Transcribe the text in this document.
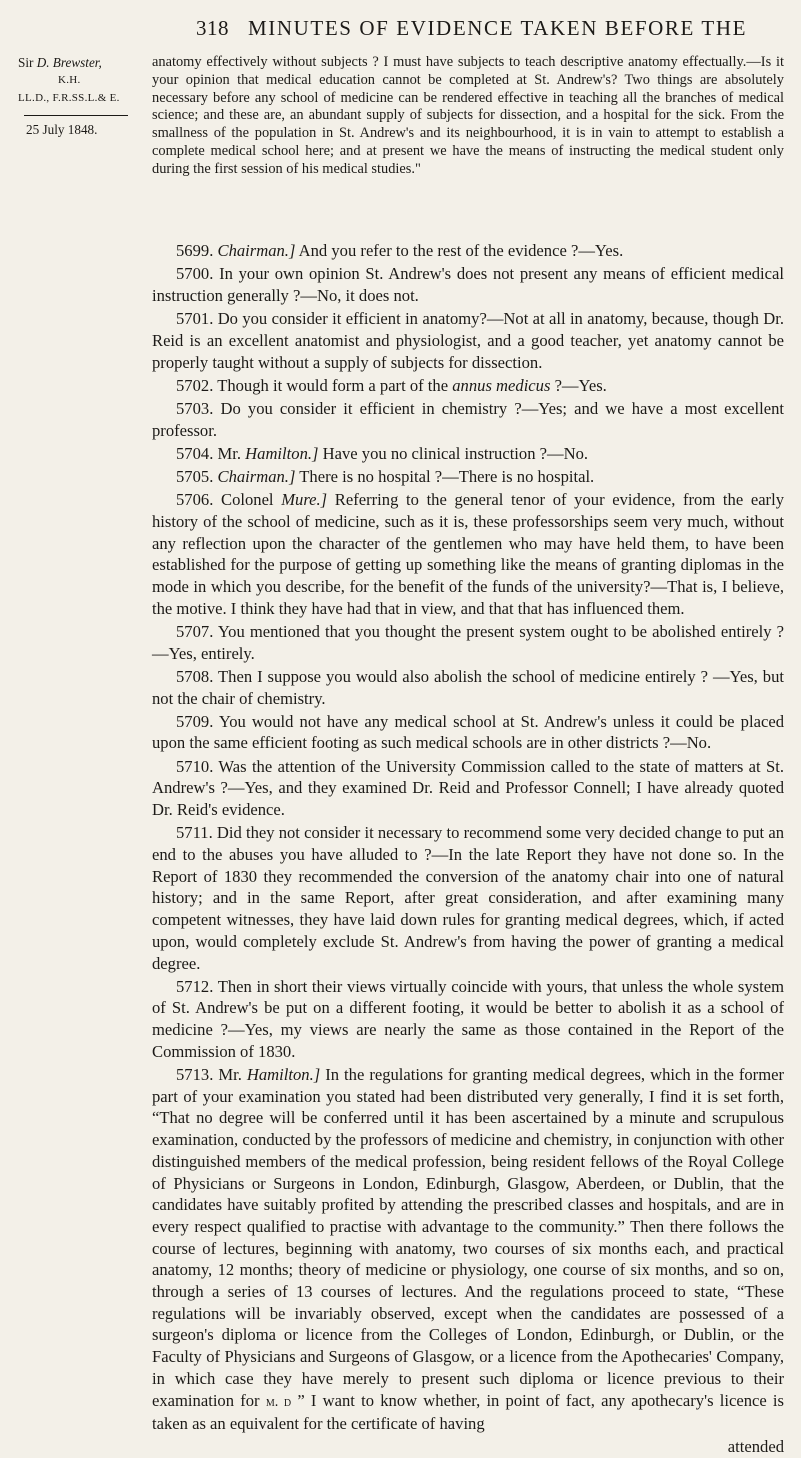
318 MINUTES OF EVIDENCE TAKEN BEFORE THE
Sir D. Brewster,
K.H.
LL.D., F.R.SS.L.& E.
25 July 1848.
anatomy effectively without subjects ? I must have subjects to teach descriptive anatomy effectually.—Is it your opinion that medical education cannot be completed at St. Andrew's? Two things are absolutely necessary before any school of medicine can be rendered effective in teaching all the branches of medical science; and these are, an abundant supply of subjects for dissection, and a hospital for the sick. From the smallness of the population in St. Andrew's and its neighbourhood, it is in vain to attempt to establish a complete medical school here; and at present we have the means of instructing the medical student only during the first session of his medical studies."

5699. Chairman.] And you refer to the rest of the evidence ?—Yes.

5700. In your own opinion St. Andrew's does not present any means of efficient medical instruction generally ?—No, it does not.

5701. Do you consider it efficient in anatomy?—Not at all in anatomy, because, though Dr. Reid is an excellent anatomist and physiologist, and a good teacher, yet anatomy cannot be properly taught without a supply of subjects for dissection.

5702. Though it would form a part of the annus medicus ?—Yes.

5703. Do you consider it efficient in chemistry ?—Yes; and we have a most excellent professor.

5704. Mr. Hamilton.] Have you no clinical instruction ?—No.

5705. Chairman.] There is no hospital ?—There is no hospital.

5706. Colonel Mure.] Referring to the general tenor of your evidence, from the early history of the school of medicine, such as it is, these professorships seem very much, without any reflection upon the character of the gentlemen who may have held them, to have been established for the purpose of getting up something like the means of granting diplomas in the mode in which you describe, for the benefit of the funds of the university?—That is, I believe, the motive. I think they have had that in view, and that that has influenced them.

5707. You mentioned that you thought the present system ought to be abolished entirely ?—Yes, entirely.

5708. Then I suppose you would also abolish the school of medicine entirely ? —Yes, but not the chair of chemistry.

5709. You would not have any medical school at St. Andrew's unless it could be placed upon the same efficient footing as such medical schools are in other districts ?—No.

5710. Was the attention of the University Commission called to the state of matters at St. Andrew's ?—Yes, and they examined Dr. Reid and Professor Connell; I have already quoted Dr. Reid's evidence.

5711. Did they not consider it necessary to recommend some very decided change to put an end to the abuses you have alluded to ?—In the late Report they have not done so. In the Report of 1830 they recommended the conversion of the anatomy chair into one of natural history; and in the same Report, after great consideration, and after examining many competent witnesses, they have laid down rules for granting medical degrees, which, if acted upon, would completely exclude St. Andrew's from having the power of granting a medical degree.

5712. Then in short their views virtually coincide with yours, that unless the whole system of St. Andrew's be put on a different footing, it would be better to abolish it as a school of medicine ?—Yes, my views are nearly the same as those contained in the Report of the Commission of 1830.

5713. Mr. Hamilton.] In the regulations for granting medical degrees, which in the former part of your examination you stated had been distributed very generally, I find it is set forth, “That no degree will be conferred until it has been ascertained by a minute and scrupulous examination, conducted by the professors of medicine and chemistry, in conjunction with other distinguished members of the medical profession, being resident fellows of the Royal College of Physicians or Surgeons in London, Edinburgh, Glasgow, Aberdeen, or Dublin, that the candidates have suitably profited by attending the prescribed classes and hospitals, and are in every respect qualified to practise with advantage to the community.” Then there follows the course of lectures, beginning with anatomy, two courses of six months each, and practical anatomy, 12 months; theory of medicine or physiology, one course of six months, and so on, through a series of 13 courses of lectures. And the regulations proceed to state, “These regulations will be invariably observed, except when the candidates are possessed of a surgeon's diploma or licence from the Colleges of London, Edinburgh, or Dublin, or the Faculty of Physicians and Surgeons of Glasgow, or a licence from the Apothecaries' Company, in which case they have merely to present such diploma or licence previous to their examination for m. d ” I want to know whether, in point of fact, any apothecary's licence is taken as an equivalent for the certificate of having

attended
